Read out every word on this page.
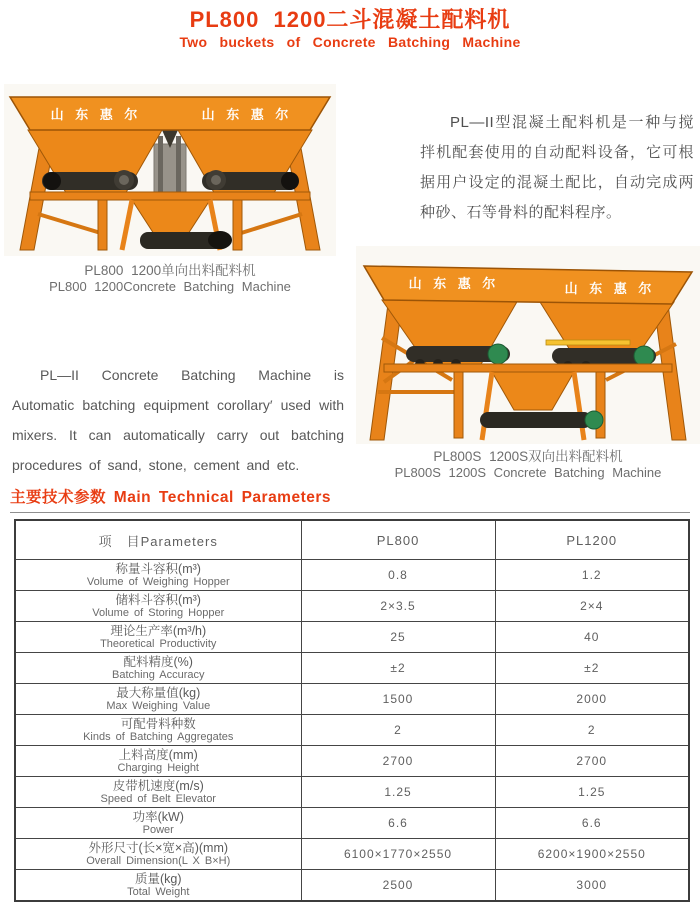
PL800 1200二斗混凝土配料机
Two buckets of Concrete Batching Machine
山 东 惠 尔	山 东 惠 尔
PL800 1200单向出料配料机
PL800 1200Concrete Batching Machine

PL—II型混凝土配料机是一种与搅拌机配套使用的自动配料设备，它可根据用户设定的混凝土配比，自动完成两种砂、石等骨料的配料程序。

PL—II Concrete Batching Machine is Automatic batching equipment corollary′ used with mixers. It can automatically carry out batching procedures of sand, stone, cement and etc.

山 东 惠 尔	山 东 惠 尔
PL800S 1200S双向出料配料机
PL800S 1200S Concrete Batching Machine
主要技术参数 Main Technical Parameters
项　目Parameters	PL800	PL1200

称量斗容积(m³)
Volume of Weighing Hopper	0.8	1.2

储料斗容积(m³)
Volume of Storing Hopper	2×3.5	2×4

理论生产率(m³/h)
Theoretical Productivity	25	40

配料精度(%)
Batching Accuracy	±2	±2

最大称量值(kg)
Max Weighing Value	1500	2000

可配骨料种数
Kinds of Batching Aggregates	2	2

上料高度(mm)
Charging Height	2700	2700

皮带机速度(m/s)
Speed of Belt Elevator	1.25	1.25

功率(kW)
Power	6.6	6.6

外形尺寸(长×宽×高)(mm)
Overall Dimension(L X B×H)	6100×1770×2550	6200×1900×2550

质量(kg)
Total Weight	2500	3000
